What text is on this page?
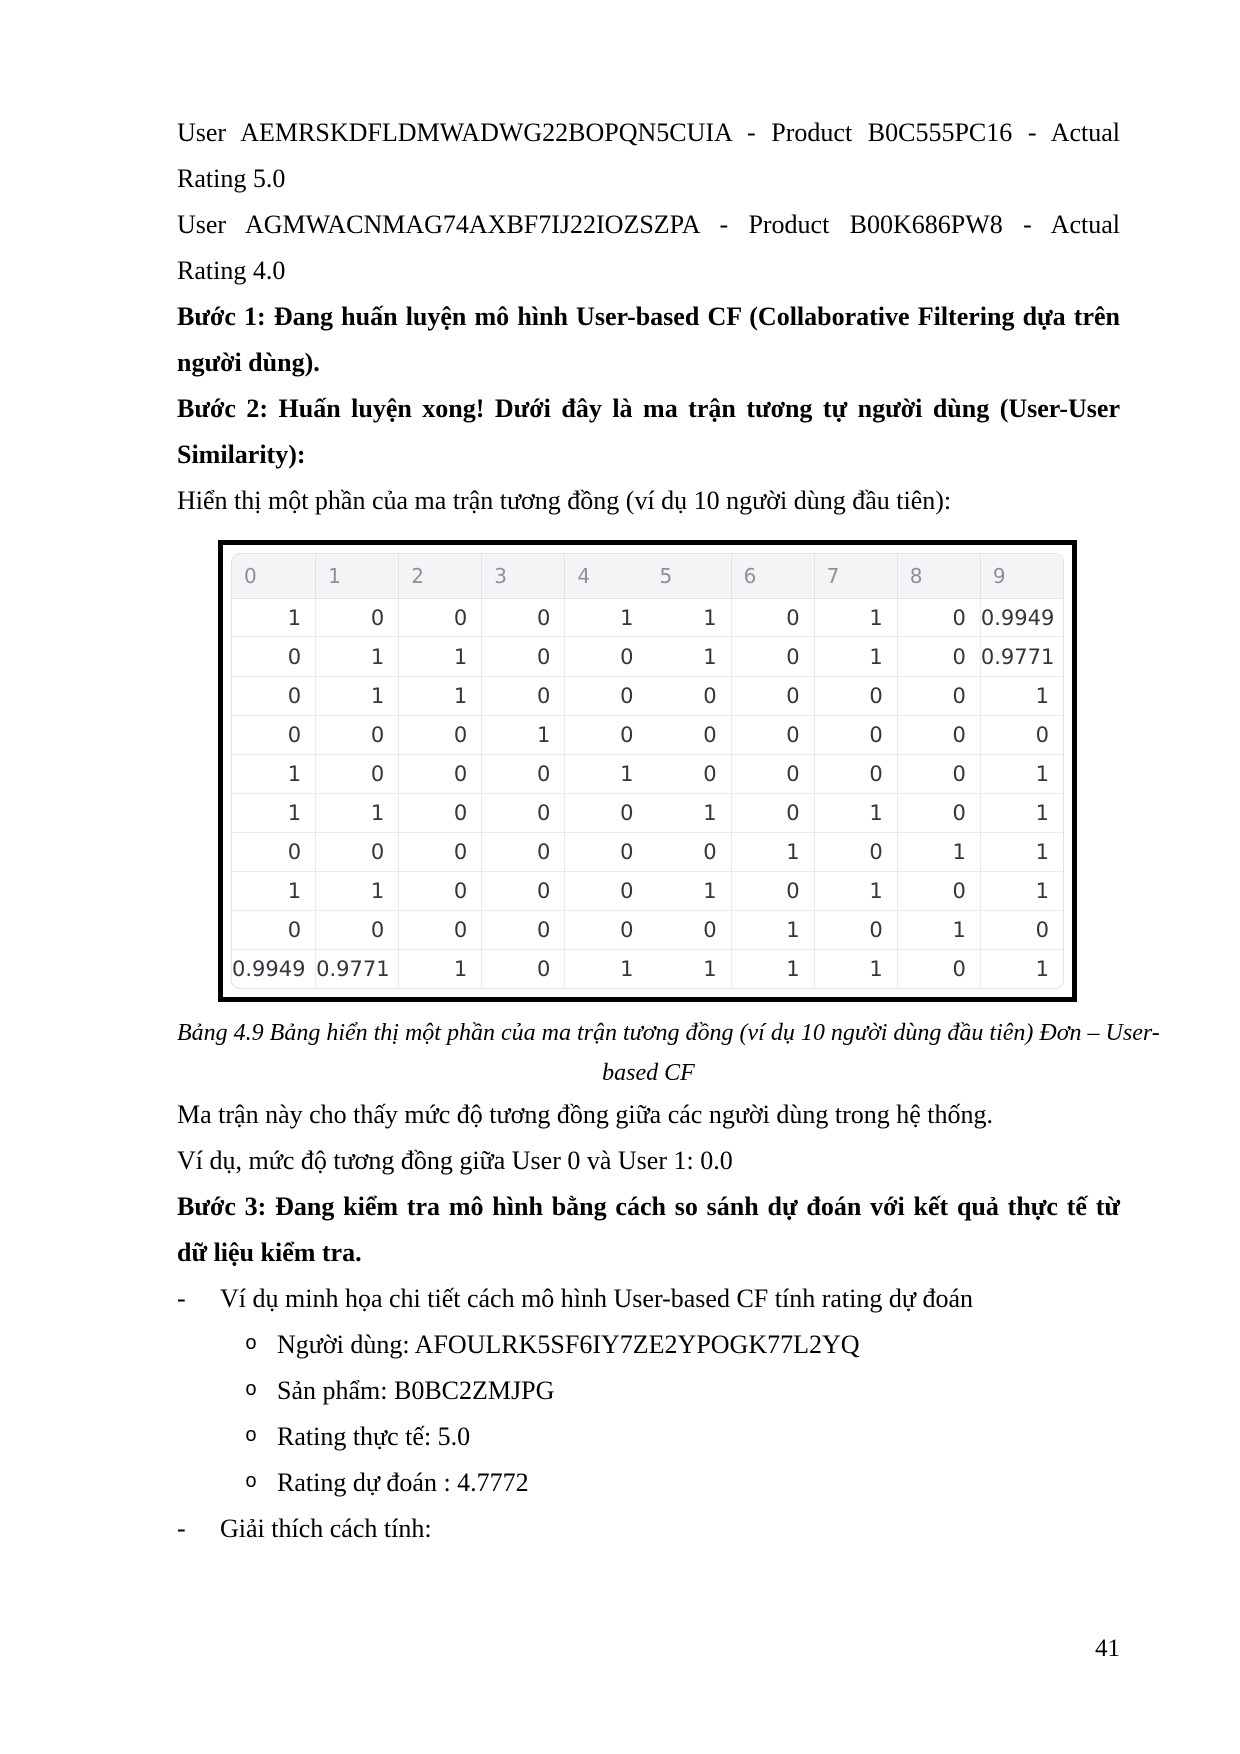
User AEMRSKDFLDMWADWG22BOPQN5CUIA - Product B0C555PC16 - Actual
Rating 5.0
User AGMWACNMAG74AXBF7IJ22IOZSZPA - Product B00K686PW8 - Actual
Rating 4.0
Bước 1: Đang huấn luyện mô hình User-based CF (Collaborative Filtering dựa trên
người dùng).
Bước 2: Huấn luyện xong! Dưới đây là ma trận tương tự người dùng (User-User
Similarity):
Hiển thị một phần của ma trận tương đồng (ví dụ 10 người dùng đầu tiên):
0	1	2	3	4	5	6	7	8	9
1	0	0	0	1	1	0	1	0	0.9949
0	1	1	0	0	1	0	1	0	0.9771
0	1	1	0	0	0	0	0	0	1
0	0	0	1	0	0	0	0	0	0
1	0	0	0	1	0	0	0	0	1
1	1	0	0	0	1	0	1	0	1
0	0	0	0	0	0	1	0	1	1
1	1	0	0	0	1	0	1	0	1
0	0	0	0	0	0	1	0	1	0
0.9949	0.9771	1	0	1	1	1	1	0	1
Bảng 4.9 Bảng hiển thị một phần của ma trận tương đồng (ví dụ 10 người dùng đầu tiên) Đơn – User-
based CF
Ma trận này cho thấy mức độ tương đồng giữa các người dùng trong hệ thống.
Ví dụ, mức độ tương đồng giữa User 0 và User 1: 0.0
Bước 3: Đang kiểm tra mô hình bằng cách so sánh dự đoán với kết quả thực tế từ
dữ liệu kiểm tra.
- Ví dụ minh họa chi tiết cách mô hình User-based CF tính rating dự đoán
o Người dùng: AFOULRK5SF6IY7ZE2YPOGK77L2YQ
o Sản phẩm: B0BC2ZMJPG
o Rating thực tế: 5.0
o Rating dự đoán : 4.7772
- Giải thích cách tính:
41
